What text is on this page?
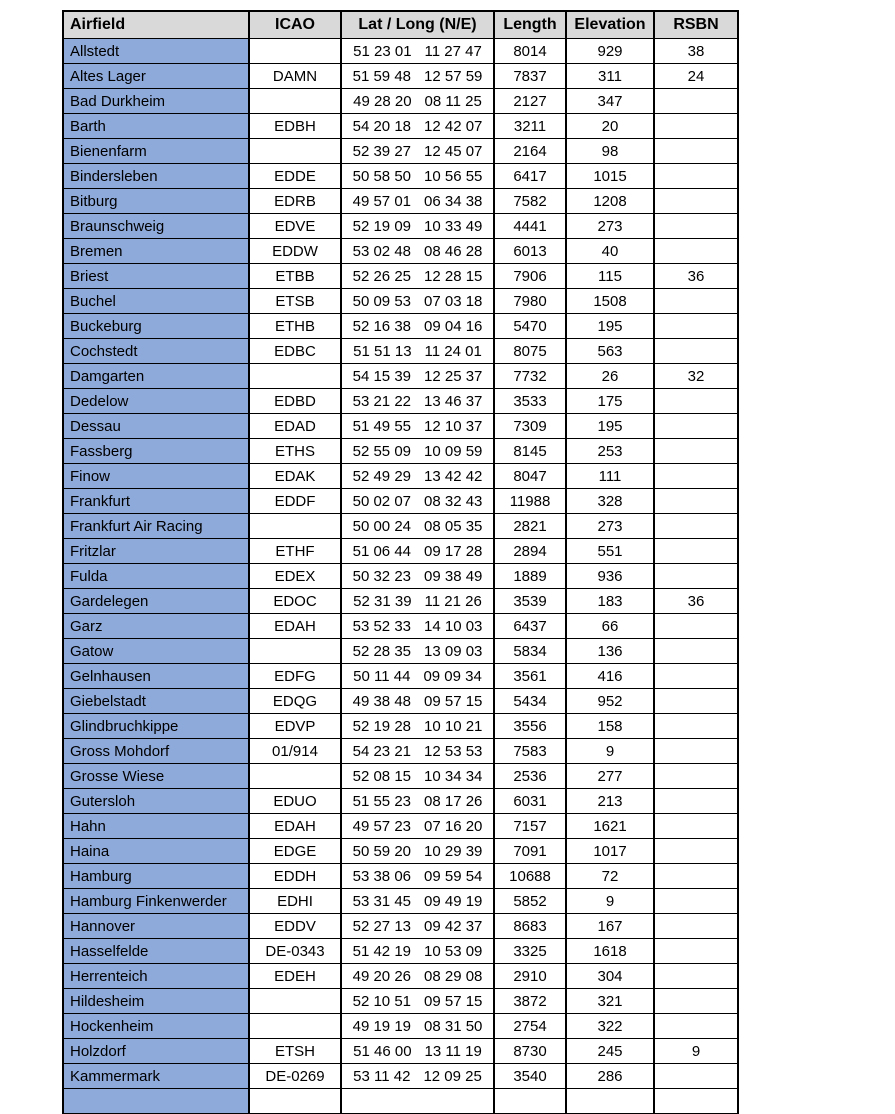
Airfield	ICAO	Lat / Long (N/E)	Length	Elevation	RSBN
Allstedt		51 23 01 11 27 47	8014	929	38
Altes Lager	DAMN	51 59 48 12 57 59	7837	311	24
Bad Durkheim		49 28 20 08 11 25	2127	347	
Barth	EDBH	54 20 18 12 42 07	3211	20	
Bienenfarm		52 39 27 12 45 07	2164	98	
Bindersleben	EDDE	50 58 50 10 56 55	6417	1015	
Bitburg	EDRB	49 57 01 06 34 38	7582	1208	
Braunschweig	EDVE	52 19 09 10 33 49	4441	273	
Bremen	EDDW	53 02 48 08 46 28	6013	40	
Briest	ETBB	52 26 25 12 28 15	7906	115	36
Buchel	ETSB	50 09 53 07 03 18	7980	1508	
Buckeburg	ETHB	52 16 38 09 04 16	5470	195	
Cochstedt	EDBC	51 51 13 11 24 01	8075	563	
Damgarten		54 15 39 12 25 37	7732	26	32
Dedelow	EDBD	53 21 22 13 46 37	3533	175	
Dessau	EDAD	51 49 55 12 10 37	7309	195	
Fassberg	ETHS	52 55 09 10 09 59	8145	253	
Finow	EDAK	52 49 29 13 42 42	8047	111	
Frankfurt	EDDF	50 02 07 08 32 43	11988	328	
Frankfurt Air Racing		50 00 24 08 05 35	2821	273	
Fritzlar	ETHF	51 06 44 09 17 28	2894	551	
Fulda	EDEX	50 32 23 09 38 49	1889	936	
Gardelegen	EDOC	52 31 39 11 21 26	3539	183	36
Garz	EDAH	53 52 33 14 10 03	6437	66	
Gatow		52 28 35 13 09 03	5834	136	
Gelnhausen	EDFG	50 11 44 09 09 34	3561	416	
Giebelstadt	EDQG	49 38 48 09 57 15	5434	952	
Glindbruchkippe	EDVP	52 19 28 10 10 21	3556	158	
Gross Mohdorf	01/914	54 23 21 12 53 53	7583	9	
Grosse Wiese		52 08 15 10 34 34	2536	277	
Gutersloh	EDUO	51 55 23 08 17 26	6031	213	
Hahn	EDAH	49 57 23 07 16 20	7157	1621	
Haina	EDGE	50 59 20 10 29 39	7091	1017	
Hamburg	EDDH	53 38 06 09 59 54	10688	72	
Hamburg Finkenwerder	EDHI	53 31 45 09 49 19	5852	9	
Hannover	EDDV	52 27 13 09 42 37	8683	167	
Hasselfelde	DE-0343	51 42 19 10 53 09	3325	1618	
Herrenteich	EDEH	49 20 26 08 29 08	2910	304	
Hildesheim		52 10 51 09 57 15	3872	321	
Hockenheim		49 19 19 08 31 50	2754	322	
Holzdorf	ETSH	51 46 00 13 11 19	8730	245	9
Kammermark	DE-0269	53 11 42 12 09 25	3540	286	
